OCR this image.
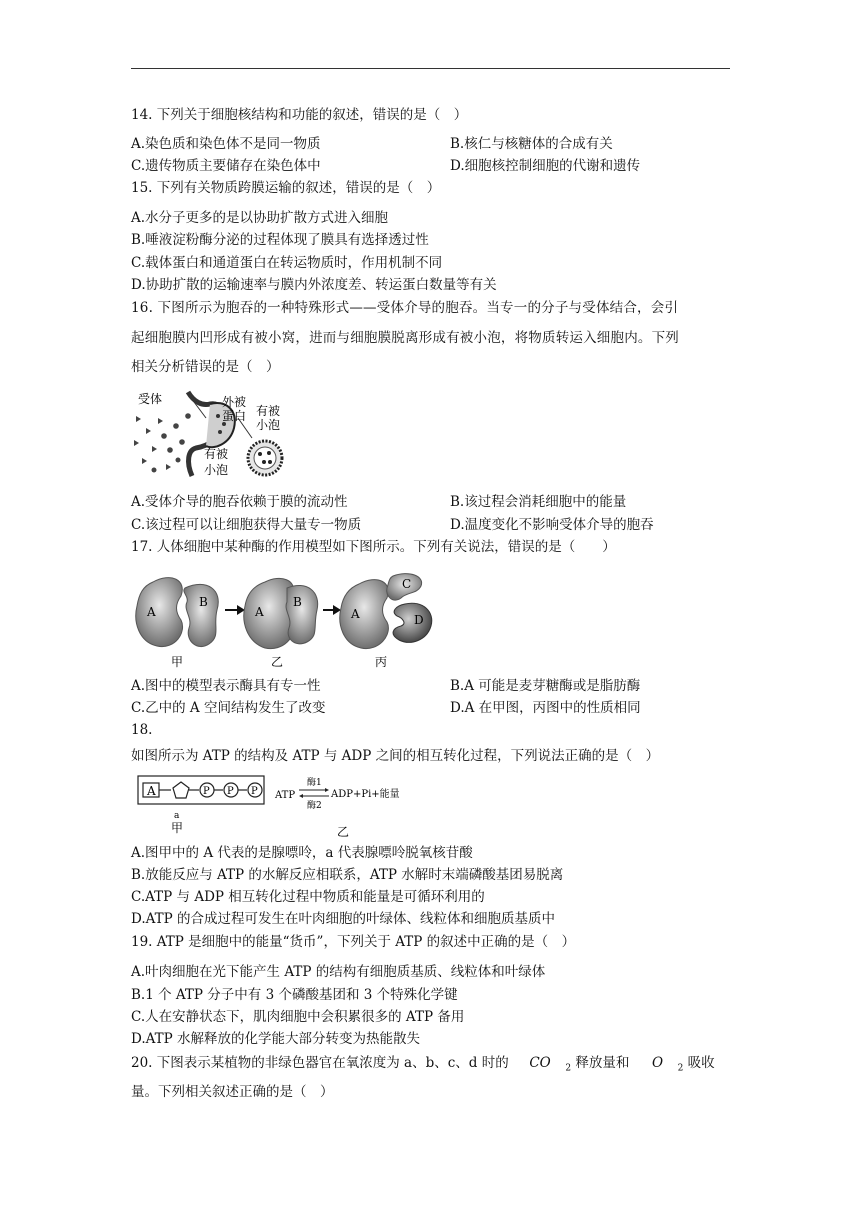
14. 下列关于细胞核结构和功能的叙述，错误的是（　）
A.染色质和染色体不是同一物质	B.核仁与核糖体的合成有关
C.遗传物质主要储存在染色体中	D.细胞核控制细胞的代谢和遗传
15. 下列有关物质跨膜运输的叙述，错误的是（　）
A.水分子更多的是以协助扩散方式进入细胞
B.唾液淀粉酶分泌的过程体现了膜具有选择透过性
C.载体蛋白和通道蛋白在转运物质时，作用机制不同
D.协助扩散的运输速率与膜内外浓度差、转运蛋白数量等有关
16. 下图所示为胞吞的一种特殊形式——受体介导的胞吞。当专一的分子与受体结合，会引
起细胞膜内凹形成有被小窝，进而与细胞膜脱离形成有被小泡，将物质转运入细胞内。下列
相关分析错误的是（　）
受体	外被
蛋白 有被
小泡
有被
小泡
A.受体介导的胞吞依赖于膜的流动性	B.该过程会消耗细胞中的能量
C.该过程可以让细胞获得大量专一物质	D.温度变化不影响受体介导的胞吞
17. 人体细胞中某种酶的作用模型如下图所示。下列有关说法，错误的是（　　）
A
B
A
B
A
C
D
甲	乙	丙
A.图中的模型表示酶具有专一性	B.A 可能是麦芽糖酶或是脂肪酶
C.乙中的 A 空间结构发生了改变	D.A 在甲图，丙图中的性质相同
18.
如图所示为 ATP 的结构及 ATP 与 ADP 之间的相互转化过程，下列说法正确的是（　）
A	P P P
a
甲
ATP
酶1
酶2
ADP+Pi+能量
乙
A.图甲中的 A 代表的是腺嘌呤，a 代表腺嘌呤脱氧核苷酸
B.放能反应与 ATP 的水解反应相联系，ATP 水解时末端磷酸基团易脱离
C.ATP 与 ADP 相互转化过程中物质和能量是可循环利用的
D.ATP 的合成过程可发生在叶肉细胞的叶绿体、线粒体和细胞质基质中
19. ATP 是细胞中的能量“货币”，下列关于 ATP 的叙述中正确的是（　）
A.叶肉细胞在光下能产生 ATP 的结构有细胞质基质、线粒体和叶绿体
B.1 个 ATP 分子中有 3 个磷酸基团和 3 个特殊化学键
C.人在安静状态下，肌肉细胞中会积累很多的 ATP 备用
D.ATP 水解释放的化学能大部分转变为热能散失
20. 下图表示某植物的非绿色器官在氧浓度为 a、b、c、d 时的 CO $_2$ 释放量和 O $_2$ 吸收
量。下列相关叙述正确的是（　）
